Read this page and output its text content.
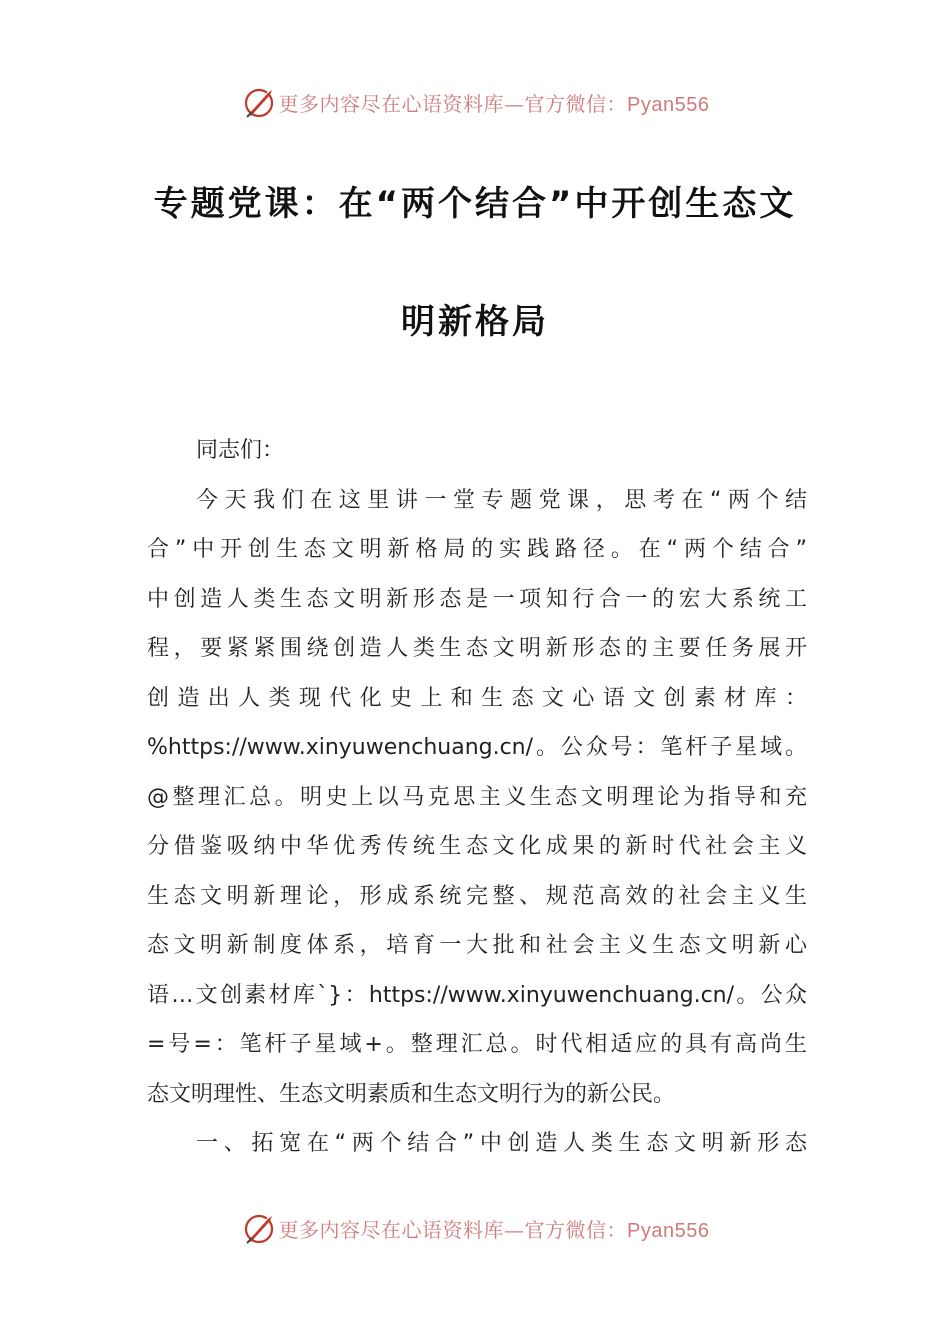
更多内容尽在心语资料库—官方微信：Pyan556
专题党课：在“两个结合”中开创生态文
明新格局
同志们：
今天我们在这里讲一堂专题党课，思考在“两个结
合”中开创生态文明新格局的实践路径。在“两个结合”
中创造人类生态文明新形态是一项知行合一的宏大系统工
程，要紧紧围绕创造人类生态文明新形态的主要任务展开
创造出人类现代化史上和生态文心语文创素材库：
%https://www.xinyuwenchuang.cn/。公众号：笔杆子星域。
@整理汇总。明史上以马克思主义生态文明理论为指导和充
分借鉴吸纳中华优秀传统生态文化成果的新时代社会主义
生态文明新理论，形成系统完整、规范高效的社会主义生
态文明新制度体系，培育一大批和社会主义生态文明新心
语…文创素材库`}：https://www.xinyuwenchuang.cn/。公众
=号=：笔杆子星域+。整理汇总。时代相适应的具有高尚生
态文明理性、生态文明素质和生态文明行为的新公民。
一、拓宽在“两个结合”中创造人类生态文明新形态
更多内容尽在心语资料库—官方微信：Pyan556
